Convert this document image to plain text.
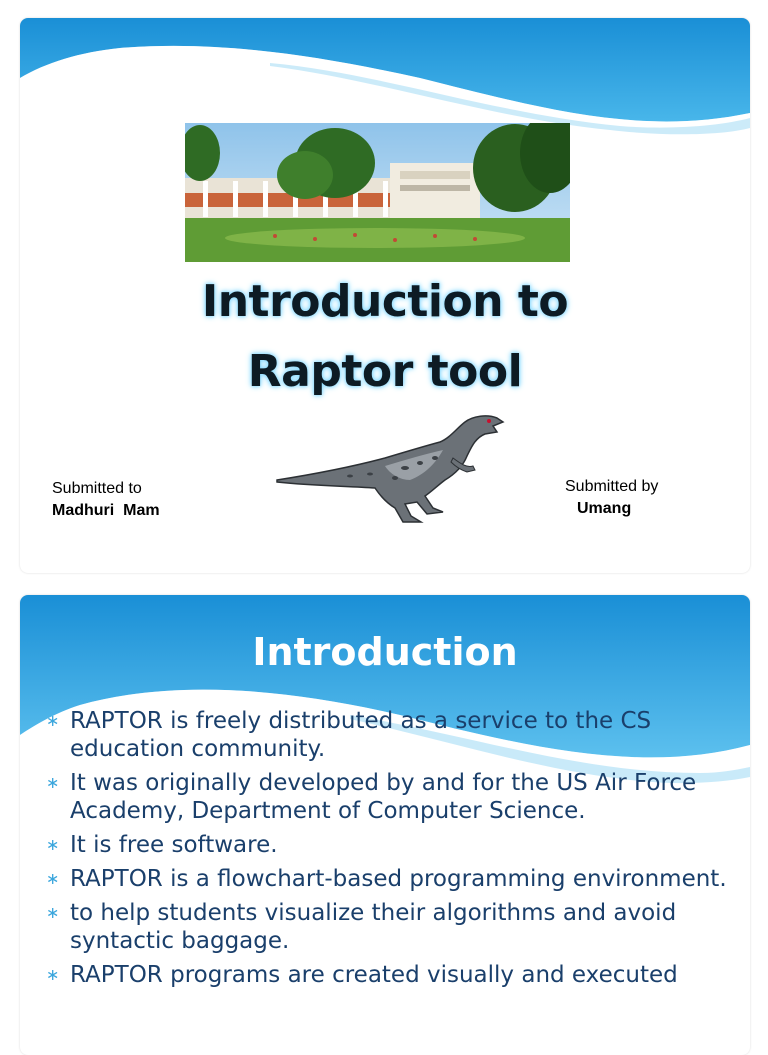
Introduction to
Raptor tool
Submitted to
Madhuri  Mam
Submitted by
Umang
Introduction
∗ RAPTOR is freely distributed as a service to the CS education community.
∗ It was originally developed by and for the US Air Force Academy, Department of Computer Science.
∗ It is free software.
∗ RAPTOR is a flowchart-based programming environment.
∗ to help students visualize their algorithms and avoid syntactic baggage.
∗ RAPTOR programs are created visually and executed
